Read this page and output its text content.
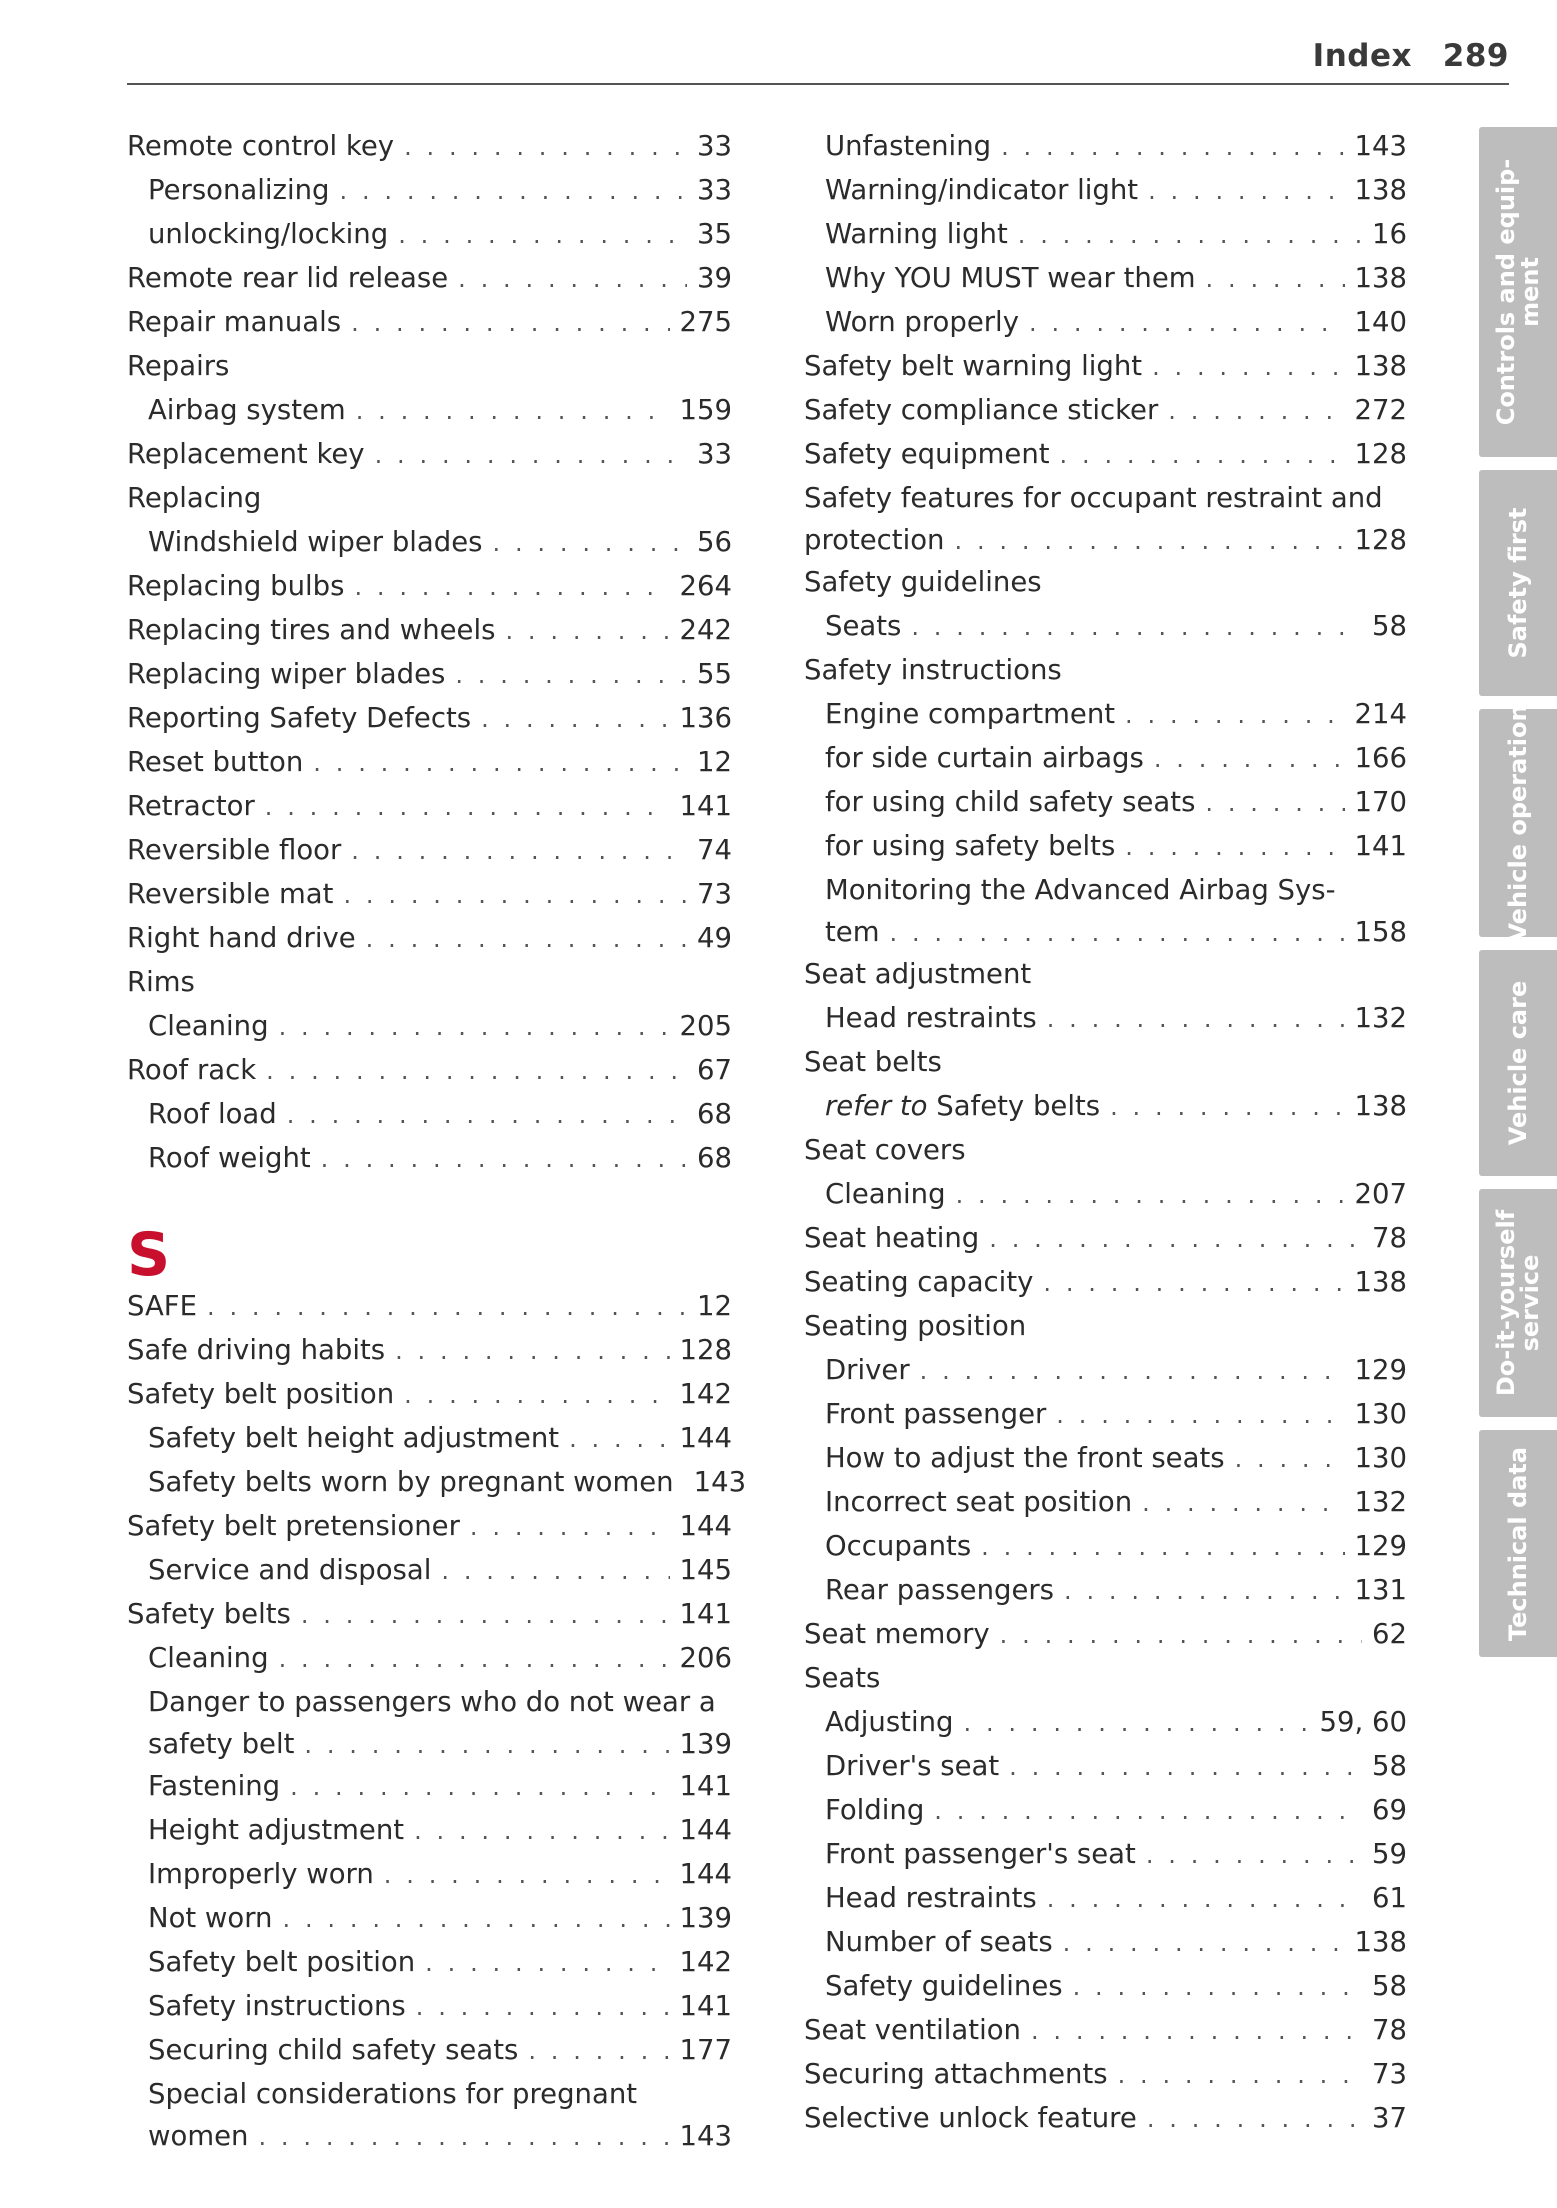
Index 289
Remote control key . . .	33
Personalizing . . .	33
unlocking/locking . . .	35
Remote rear lid release . . .	39
Repair manuals . . .	275
Repairs
Airbag system . . .	159
Replacement key . . .	33
Replacing
Windshield wiper blades . . .	56
Replacing bulbs . . .	264
Replacing tires and wheels . . .	242
Replacing wiper blades . . .	55
Reporting Safety Defects . . .	136
Reset button . . .	12
Retractor . . .	141
Reversible floor . . .	74
Reversible mat . . .	73
Right hand drive . . .	49
Rims
Cleaning . . .	205
Roof rack . . .	67
Roof load . . .	68
Roof weight . . .	68
S
SAFE . . .	12
Safe driving habits . . .	128
Safety belt position . . .	142
Safety belt height adjustment . . .	144
Safety belts worn by pregnant women 143
Safety belt pretensioner . . .	144
Service and disposal . . .	145
Safety belts . . .	141
Cleaning . . .	206
Danger to passengers who do not wear a
safety belt . . .	139
Fastening . . .	141
Height adjustment . . .	144
Improperly worn . . .	144
Not worn . . .	139
Safety belt position . . .	142
Safety instructions . . .	141
Securing child safety seats . . .	177
Special considerations for pregnant
women . . .	143
Unfastening . . .	143
Warning/indicator light . . .	138
Warning light . . .	16
Why YOU MUST wear them . . .	138
Worn properly . . .	140
Safety belt warning light . . .	138
Safety compliance sticker . . .	272
Safety equipment . . .	128
Safety features for occupant restraint and
protection . . .	128
Safety guidelines
Seats . . .	58
Safety instructions
Engine compartment . . .	214
for side curtain airbags . . .	166
for using child safety seats . . .	170
for using safety belts . . .	141
Monitoring the Advanced Airbag Sys-
tem . . .	158
Seat adjustment
Head restraints . . .	132
Seat belts
refer to Safety belts . . .	138
Seat covers
Cleaning . . .	207
Seat heating . . .	78
Seating capacity . . .	138
Seating position
Driver . . .	129
Front passenger . . .	130
How to adjust the front seats . . .	130
Incorrect seat position . . .	132
Occupants . . .	129
Rear passengers . . .	131
Seat memory . . .	62
Seats
Adjusting . . .	59, 60
Driver's seat . . .	58
Folding . . .	69
Front passenger's seat . . .	59
Head restraints . . .	61
Number of seats . . .	138
Safety guidelines . . .	58
Seat ventilation . . .	78
Securing attachments . . .	73
Selective unlock feature . . .	37
Controls and equip-
ment
Safety first
Vehicle operation
Vehicle care
Do-it-yourself
service
Technical data
